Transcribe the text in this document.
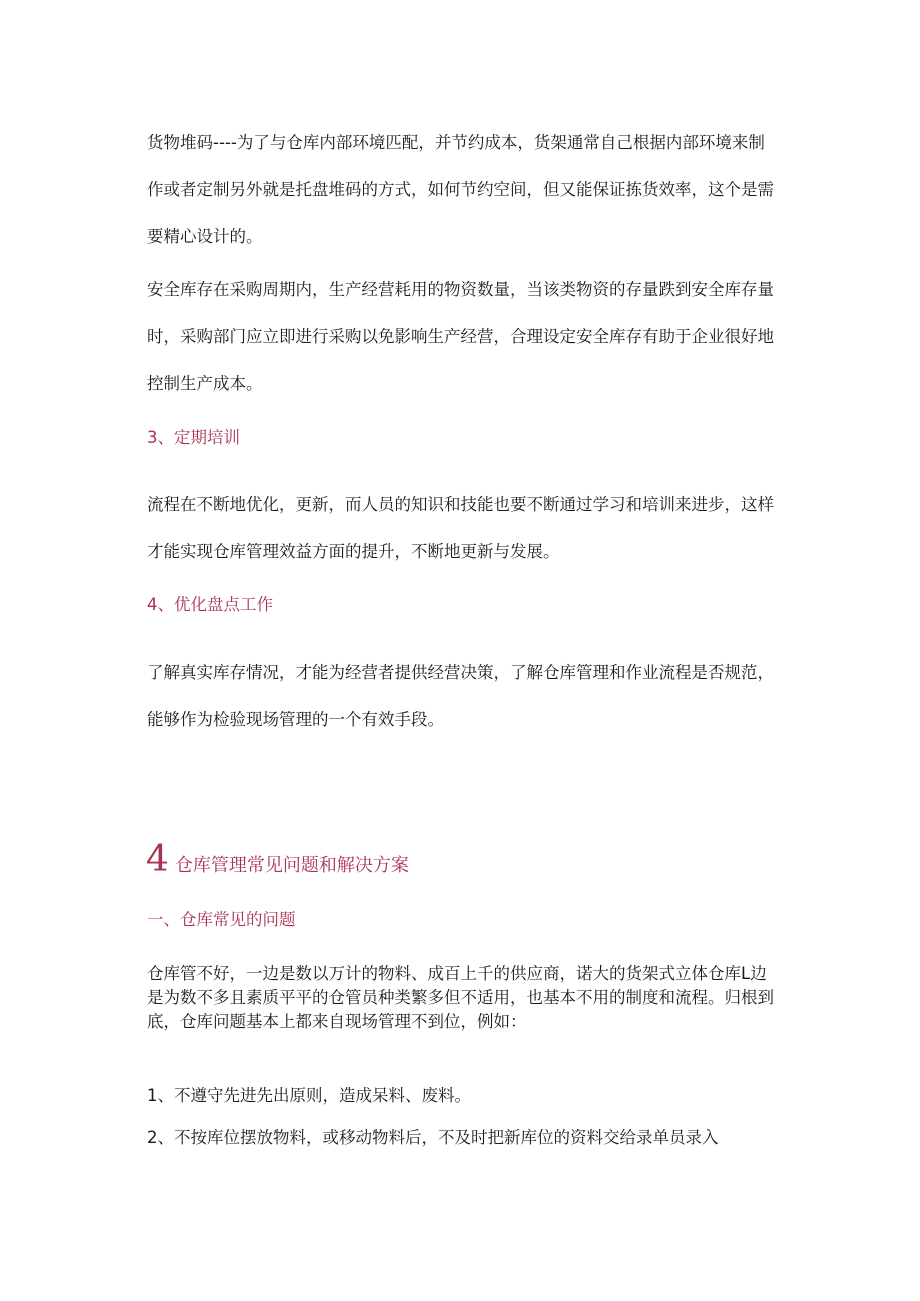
货物堆码----为了与仓库内部环境匹配，并节约成本，货架通常自己根据内部环境来制作或者定制另外就是托盘堆码的方式，如何节约空间，但又能保证拣货效率，这个是需要精心设计的。

安全库存在采购周期内，生产经营耗用的物资数量，当该类物资的存量跌到安全库存量时，采购部门应立即进行采购以免影响生产经营，合理设定安全库存有助于企业很好地控制生产成本。

3、定期培训

流程在不断地优化，更新，而人员的知识和技能也要不断通过学习和培训来进步，这样才能实现仓库管理效益方面的提升，不断地更新与发展。

4、优化盘点工作

了解真实库存情况，才能为经营者提供经营决策，了解仓库管理和作业流程是否规范，能够作为检验现场管理的一个有效手段。

4 仓库管理常见问题和解决方案

一、仓库常见的问题

仓库管不好，一边是数以万计的物料、成百上千的供应商，诺大的货架式立体仓库L边是为数不多且素质平平的仓管员种类繁多但不适用，也基本不用的制度和流程。归根到底，仓库问题基本上都来自现场管理不到位，例如：

1、不遵守先进先出原则，造成呆料、废料。

2、不按库位摆放物料，或移动物料后，不及时把新库位的资料交给录单员录入
